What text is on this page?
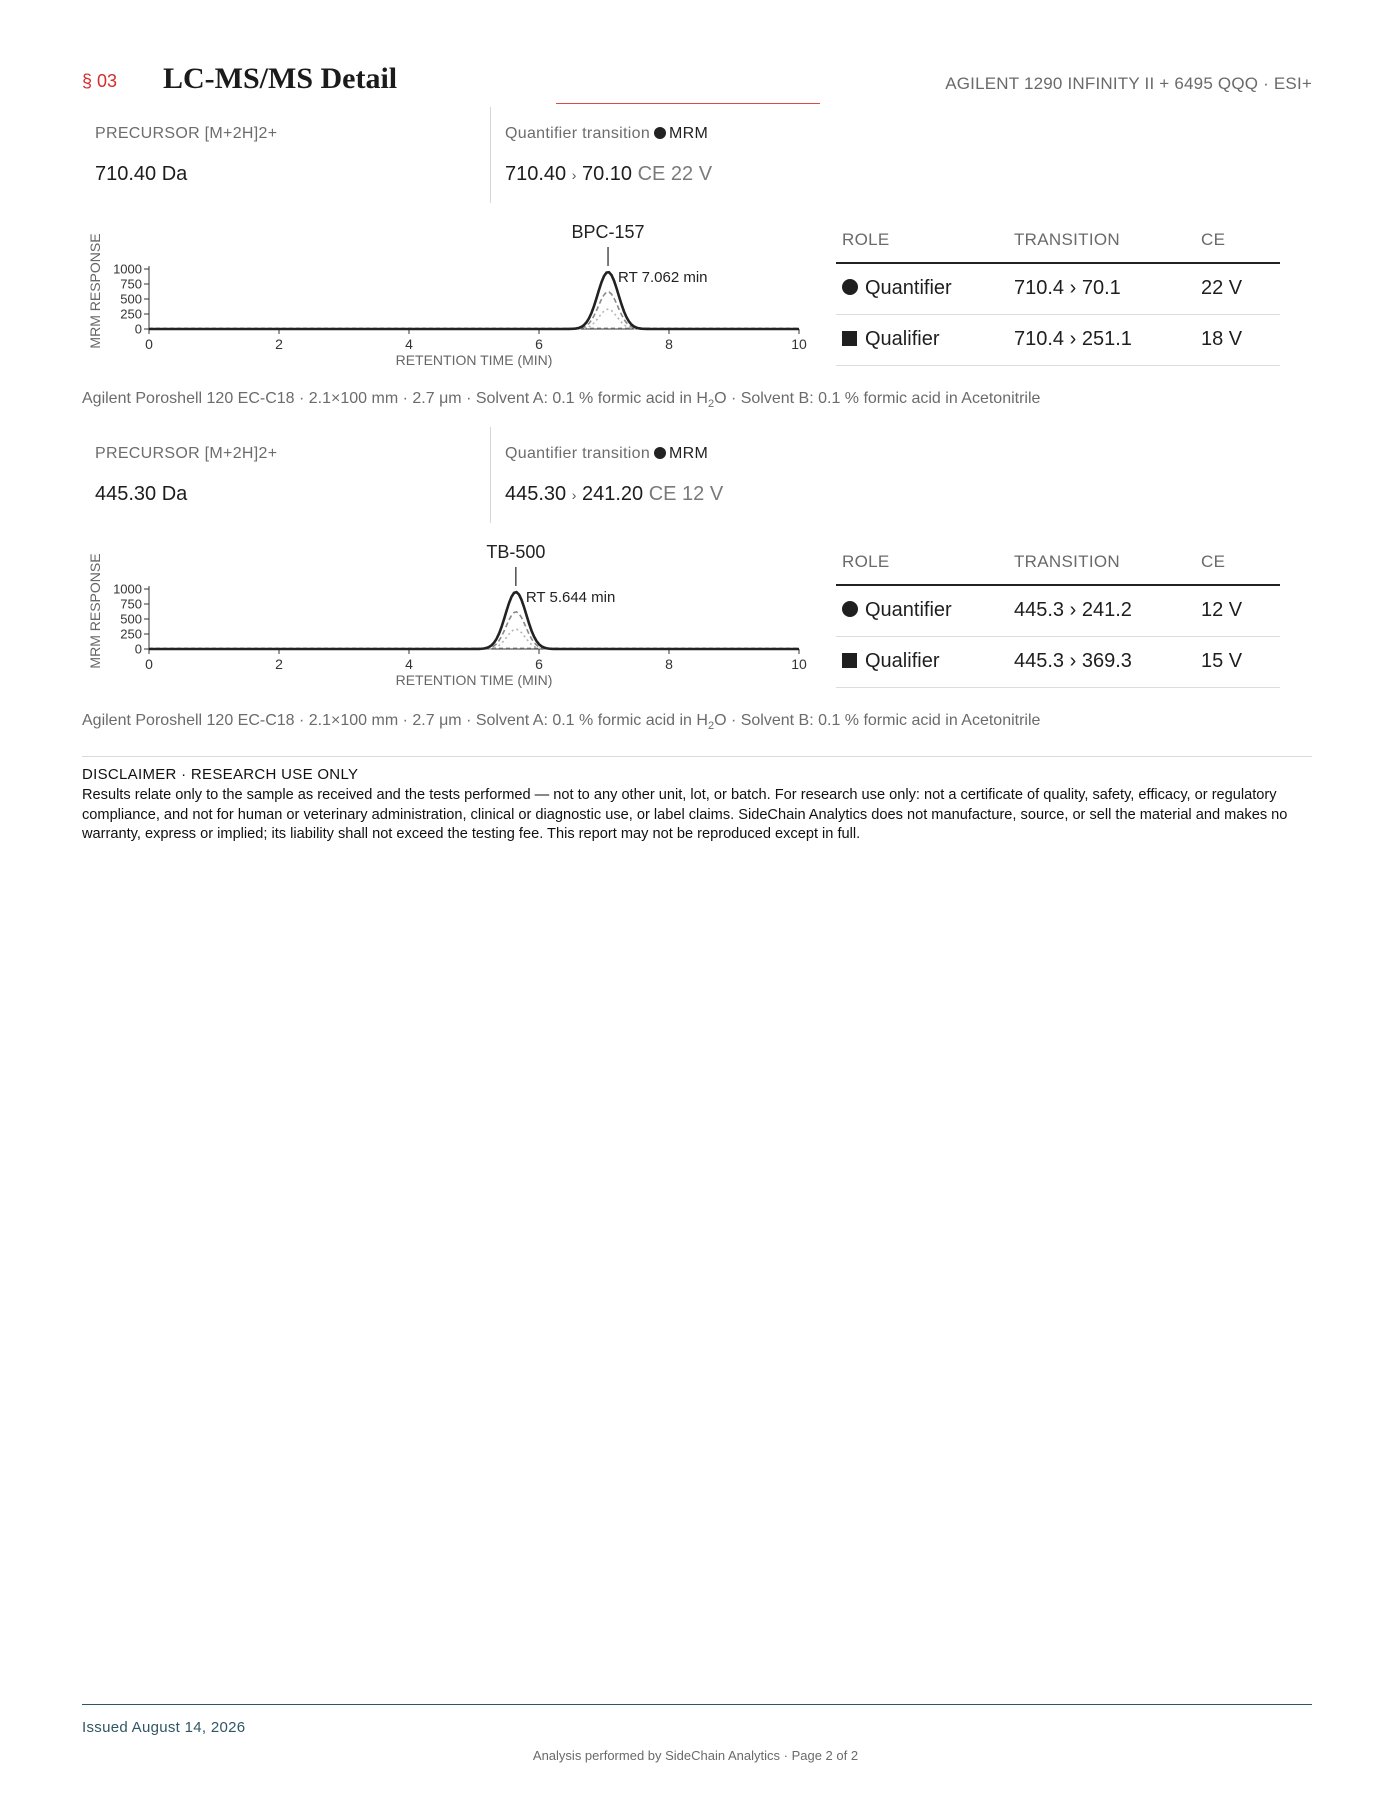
§ 03 LC-MS/MS Detail	AGILENT 1290 INFINITY II + 6495 QQQ · ESI+
PRECURSOR [M+2H]2+
710.40 Da
Quantifier transition MRM
710.40 › 70.10 CE 22 V
0
250
500
750
1000
0	2	4	6	8	10
RETENTION TIME (MIN)
MRM RESPONSE
BPC-157
RT 7.062 min
ROLE	TRANSITION	CE
Quantifier	710.4 › 70.1	22 V
Qualifier	710.4 › 251.1	18 V
Agilent Poroshell 120 EC-C18 · 2.1×100 mm · 2.7 μm · Solvent A: 0.1 % formic acid in $H_2O$ · Solvent B: 0.1 % formic acid in Acetonitrile
PRECURSOR [M+2H]2+
445.30 Da
Quantifier transition MRM
445.30 › 241.20 CE 12 V
0
250
500
750
1000
0	2	4	6	8	10
RETENTION TIME (MIN)
MRM RESPONSE
TB-500
RT 5.644 min
ROLE	TRANSITION	CE
Quantifier	445.3 › 241.2	12 V
Qualifier	445.3 › 369.3	15 V
Agilent Poroshell 120 EC-C18 · 2.1×100 mm · 2.7 μm · Solvent A: 0.1 % formic acid in $H_2O$ · Solvent B: 0.1 % formic acid in Acetonitrile
DISCLAIMER · RESEARCH USE ONLY
Results relate only to the sample as received and the tests performed — not to any other unit, lot, or batch. For research use only: not a certificate of quality, safety, efficacy, or regulatory compliance, and not for human or veterinary administration, clinical or diagnostic use, or label claims. SideChain Analytics does not manufacture, source, or sell the material and makes no warranty, express or implied; its liability shall not exceed the testing fee. This report may not be reproduced except in full.
Issued August 14, 2026
Analysis performed by SideChain Analytics · Page 2 of 2
